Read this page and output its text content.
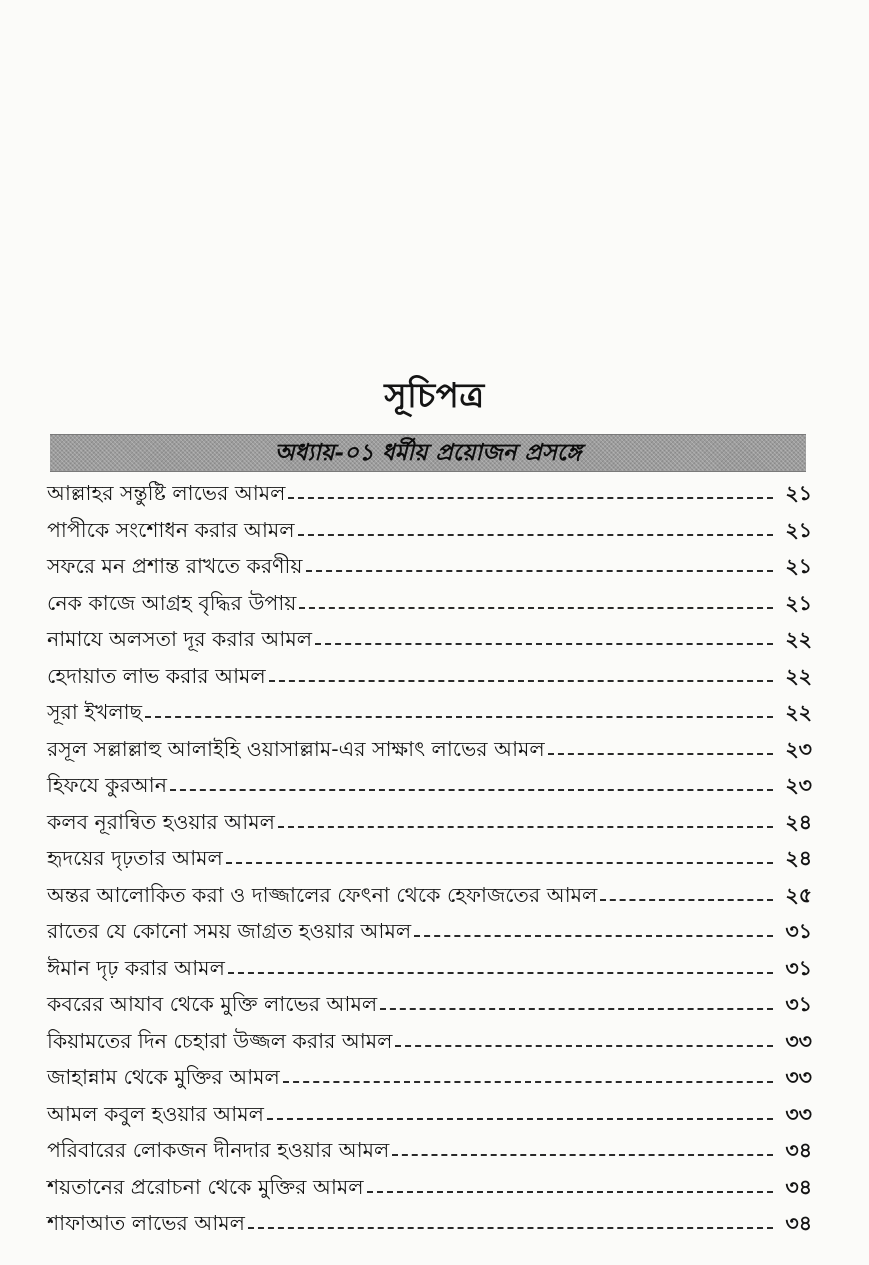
সূচিপত্র
অধ্যায়-০১ ধর্মীয় প্রয়োজন প্রসঙ্গে
আল্লাহর সন্তুষ্টি লাভের আমল	২১
পাপীকে সংশোধন করার আমল	২১
সফরে মন প্রশান্ত রাখতে করণীয়	২১
নেক কাজে আগ্রহ বৃদ্ধির উপায়	২১
নামাযে অলসতা দূর করার আমল	২২
হেদায়াত লাভ করার আমল	২২
সূরা ইখলাছ	২২
রসূল সল্লাল্লাহু আলাইহি ওয়াসাল্লাম-এর সাক্ষাৎ লাভের আমল	২৩
হিফযে কুরআন	২৩
কলব নূরান্বিত হওয়ার আমল	২৪
হৃদয়ের দৃঢ়তার আমল	২৪
অন্তর আলোকিত করা ও দাজ্জালের ফেৎনা থেকে হেফাজতের আমল	২৫
রাতের যে কোনো সময় জাগ্রত হওয়ার আমল	৩১
ঈমান দৃঢ় করার আমল	৩১
কবরের আযাব থেকে মুক্তি লাভের আমল	৩১
কিয়ামতের দিন চেহারা উজ্জল করার আমল	৩৩
জাহান্নাম থেকে মুক্তির আমল	৩৩
আমল কবুল হওয়ার আমল	৩৩
পরিবারের লোকজন দীনদার হওয়ার আমল	৩৪
শয়তানের প্ররোচনা থেকে মুক্তির আমল	৩৪
শাফাআত লাভের আমল	৩৪
